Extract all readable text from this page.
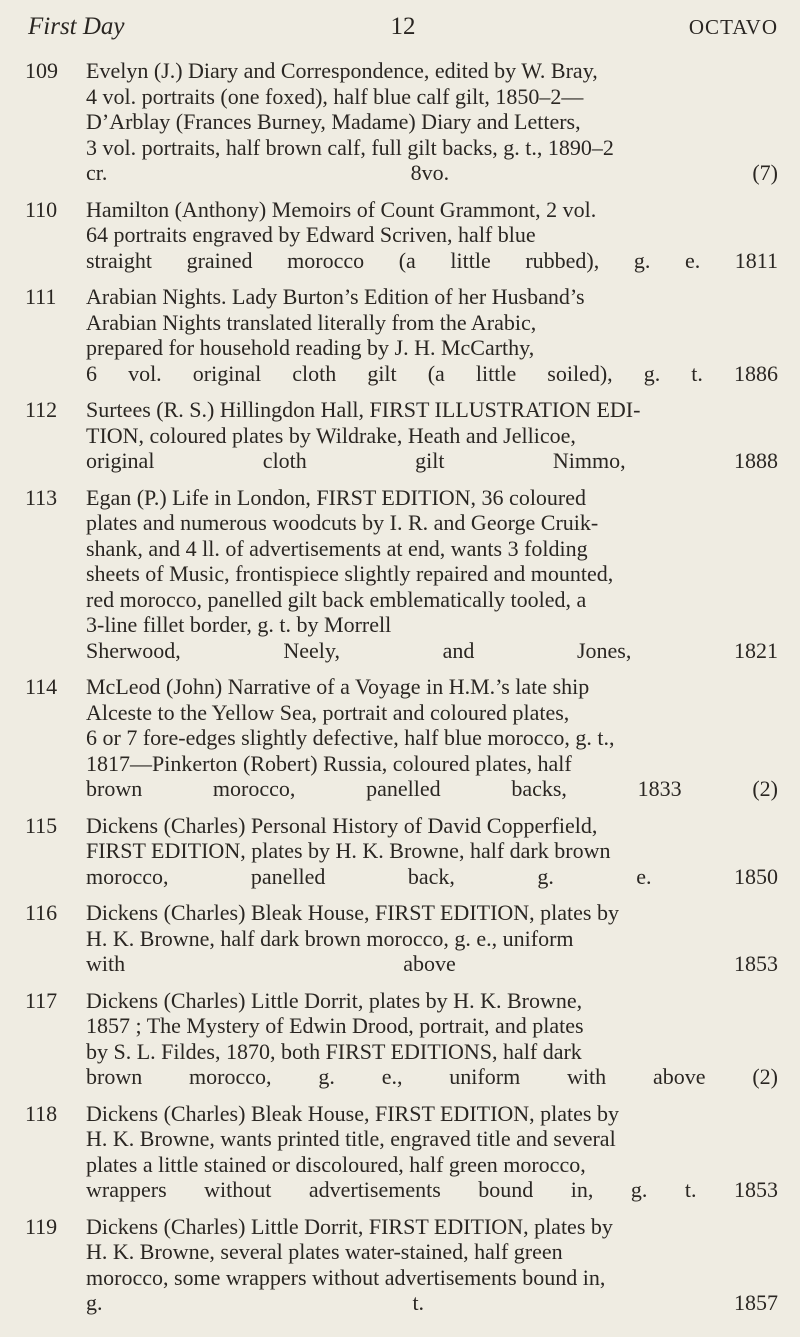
First Day	12	OCTAVO
109 Evelyn (J.) Diary and Correspondence, edited by W. Bray,
4 vol. portraits (one foxed), half blue calf gilt, 1850–2—
D’Arblay (Frances Burney, Madame) Diary and Letters,
3 vol. portraits, half brown calf, full gilt backs, g. t., 1890–2
cr. 8vo. (7)
110 Hamilton (Anthony) Memoirs of Count Grammont, 2 vol.
64 portraits engraved by Edward Scriven, half blue
straight grained morocco (a little rubbed), g. e. 1811
111 Arabian Nights. Lady Burton’s Edition of her Husband’s
Arabian Nights translated literally from the Arabic,
prepared for household reading by J. H. McCarthy,
6 vol. original cloth gilt (a little soiled), g. t. 1886
112 Surtees (R. S.) Hillingdon Hall, FIRST ILLUSTRATION EDI-
TION, coloured plates by Wildrake, Heath and Jellicoe,
original cloth gilt Nimmo, 1888
113 Egan (P.) Life in London, FIRST EDITION, 36 coloured
plates and numerous woodcuts by I. R. and George Cruik-
shank, and 4 ll. of advertisements at end, wants 3 folding
sheets of Music, frontispiece slightly repaired and mounted,
red morocco, panelled gilt back emblematically tooled, a
3-line fillet border, g. t. by Morrell
Sherwood, Neely, and Jones, 1821
114 McLeod (John) Narrative of a Voyage in H.M.’s late ship
Alceste to the Yellow Sea, portrait and coloured plates,
6 or 7 fore-edges slightly defective, half blue morocco, g. t.,
1817—Pinkerton (Robert) Russia, coloured plates, half
brown morocco, panelled backs, 1833 (2)
115 Dickens (Charles) Personal History of David Copperfield,
FIRST EDITION, plates by H. K. Browne, half dark brown
morocco, panelled back, g. e. 1850
116 Dickens (Charles) Bleak House, FIRST EDITION, plates by
H. K. Browne, half dark brown morocco, g. e., uniform
with above 1853
117 Dickens (Charles) Little Dorrit, plates by H. K. Browne,
1857 ; The Mystery of Edwin Drood, portrait, and plates
by S. L. Fildes, 1870, both FIRST EDITIONS, half dark
brown morocco, g. e., uniform with above (2)
118 Dickens (Charles) Bleak House, FIRST EDITION, plates by
H. K. Browne, wants printed title, engraved title and several
plates a little stained or discoloured, half green morocco,
wrappers without advertisements bound in, g. t. 1853
119 Dickens (Charles) Little Dorrit, FIRST EDITION, plates by
H. K. Browne, several plates water-stained, half green
morocco, some wrappers without advertisements bound in,
g. t. 1857
